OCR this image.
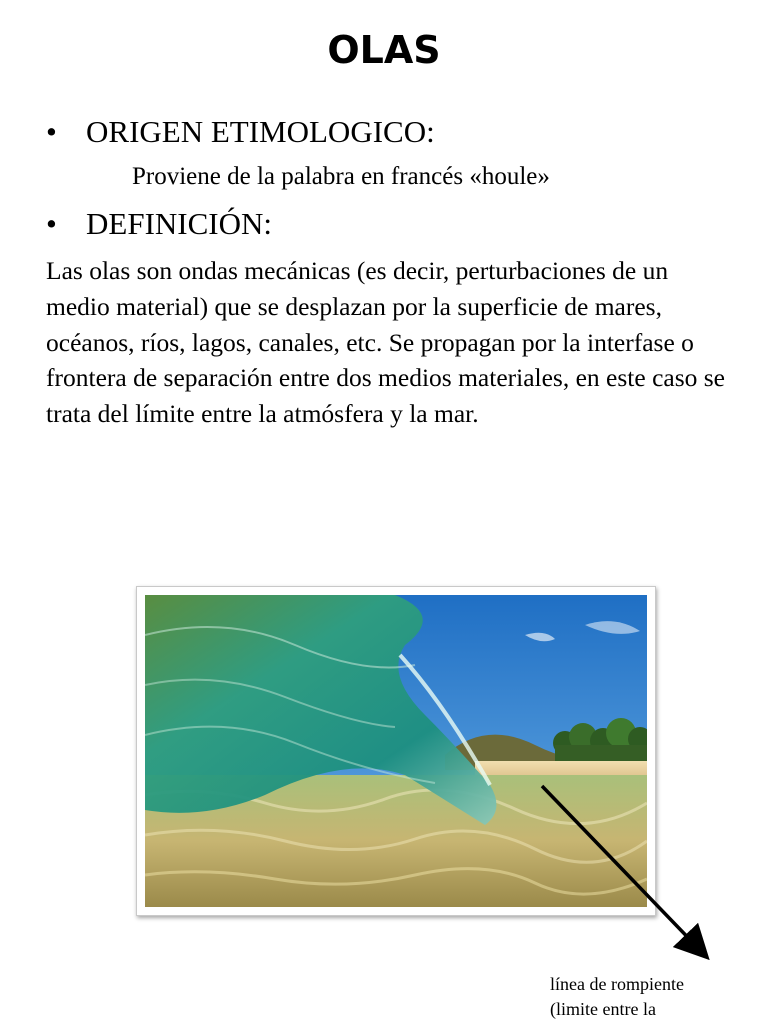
OLAS
• ORIGEN ETIMOLOGICO:
Proviene de la palabra en francés «houle»
• DEFINICIÓN:

Las olas son ondas mecánicas (es decir, perturbaciones de un medio material) que se desplazan por la superficie de mares, océanos, ríos, lagos, canales, etc. Se propagan por la interfase o frontera de separación entre dos medios materiales, en este caso se trata del límite entre la atmósfera y la mar.

línea de rompiente
(limite entre la
